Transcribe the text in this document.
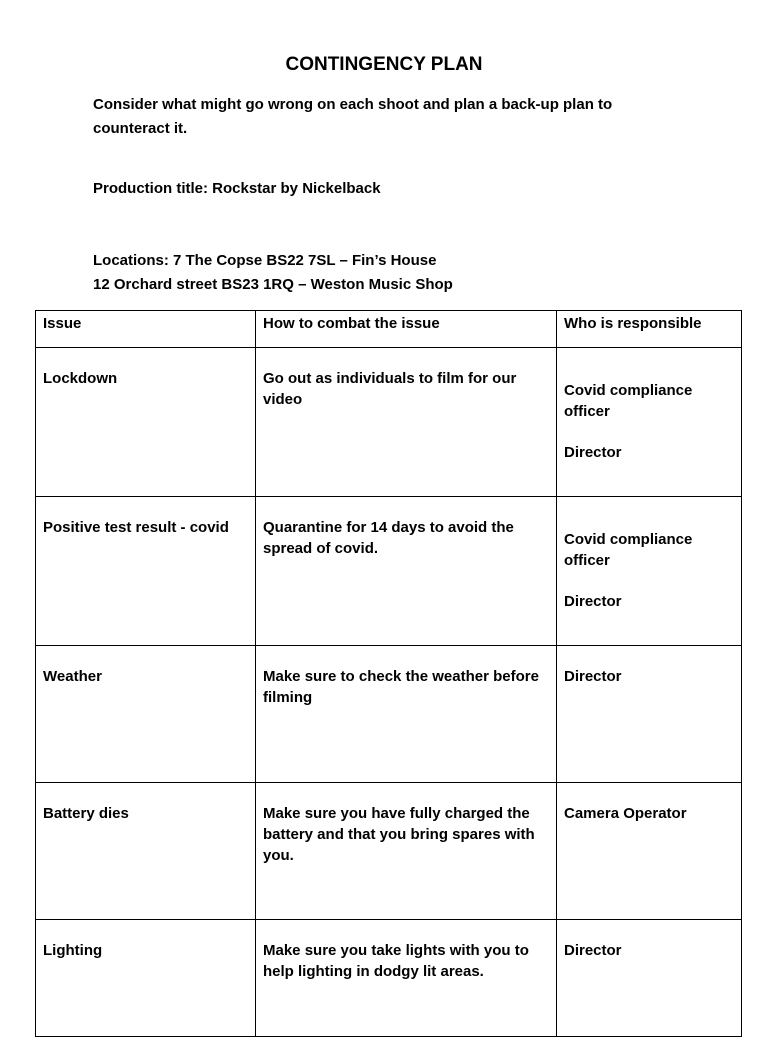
CONTINGENCY PLAN
Consider what might go wrong on each shoot and plan a back-up plan to
counteract it.
Production title: Rockstar by Nickelback
Locations: 7 The Copse BS22 7SL – Fin’s House
12 Orchard street BS23 1RQ – Weston Music Shop
Issue	How to combat the issue	Who is responsible
Lockdown	Go out as individuals to film for our video	Covid compliance officer
Director

Positive test result - covid	Quarantine for 14 days to avoid the spread of covid.	Covid compliance officer
Director

Weather	Make sure to check the weather before filming	Director
Battery dies	Make sure you have fully charged the battery and that you bring spares with you.	Camera Operator
Lighting	Make sure you take lights with you to help lighting in dodgy lit areas.	Director
